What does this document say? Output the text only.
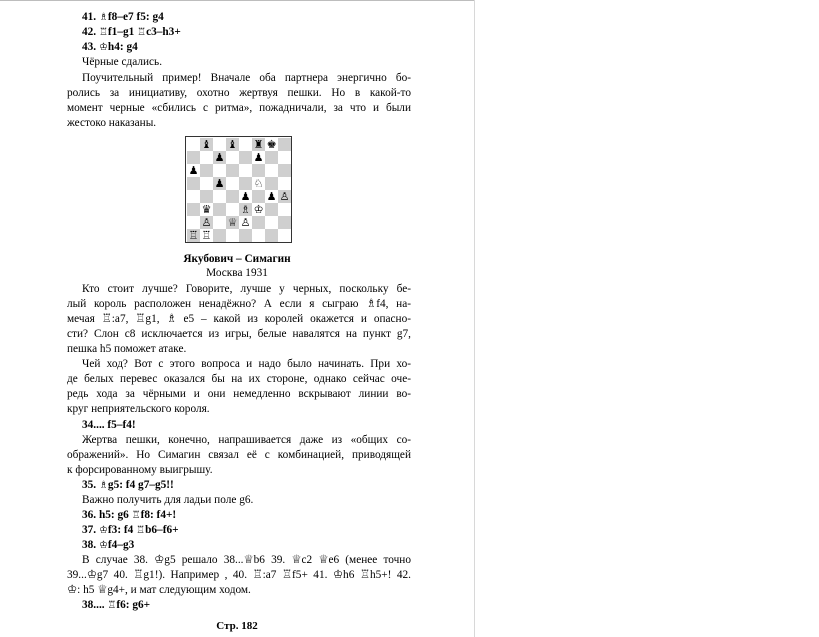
41. ♗f8–e7 f5: g4
42. ♖f1–g1 ♖c3–h3+
43. ♔h4: g4
Чёрные сдались.
Поучительный пример! Вначале оба партнера энергично бо-
ролись за инициативу, охотно жертвуя пешки. Но в какой-то
момент черные «сбились с ритма», пожадничали, за что и были
жестоко наказаны.
♝
♟
♝ ♜
♟
♚
♟
♟
♟
♘
♟ ♙
♛	♗ ♔
♙ ♕ ♙
♖ ♖
Якубович – Симагин
Москва 1931
Кто стоит лучше? Говорите, лучше у черных, поскольку бе-
лый король расположен ненадёжно? А если я сыграю ♗f4, на-
мечая ♖:a7, ♖g1, ♗ e5 – какой из королей окажется и опасно-
сти? Слон c8 исключается из игры, белые навалятся на пункт g7,
пешка h5 поможет атаке.
Чей ход? Вот с этого вопроса и надо было начинать. При хо-
де белых перевес оказался бы на их стороне, однако сейчас оче-
редь хода за чёрными и они немедленно вскрывают линии во-
круг неприятельского короля.
34.... f5–f4!
Жертва пешки, конечно, напрашивается даже из «общих со-
ображений». Но Симагин связал её с комбинацией, приводящей
к форсированному выигрышу.
35. ♗g5: f4 g7–g5!!
Важно получить для ладьи поле g6.
36. h5: g6 ♖f8: f4+!
37. ♔f3: f4 ♖b6–f6+
38. ♔f4–g3
В случае 38. ♔g5 решало 38...♕b6 39. ♕c2 ♕e6 (менее точно
39...♔g7 40. ♖g1!). Например , 40. ♖:a7 ♖f5+ 41. ♔h6 ♖h5+! 42.
♔: h5 ♕g4+, и мат следующим ходом.
38.... ♖f6: g6+
Стр. 182
